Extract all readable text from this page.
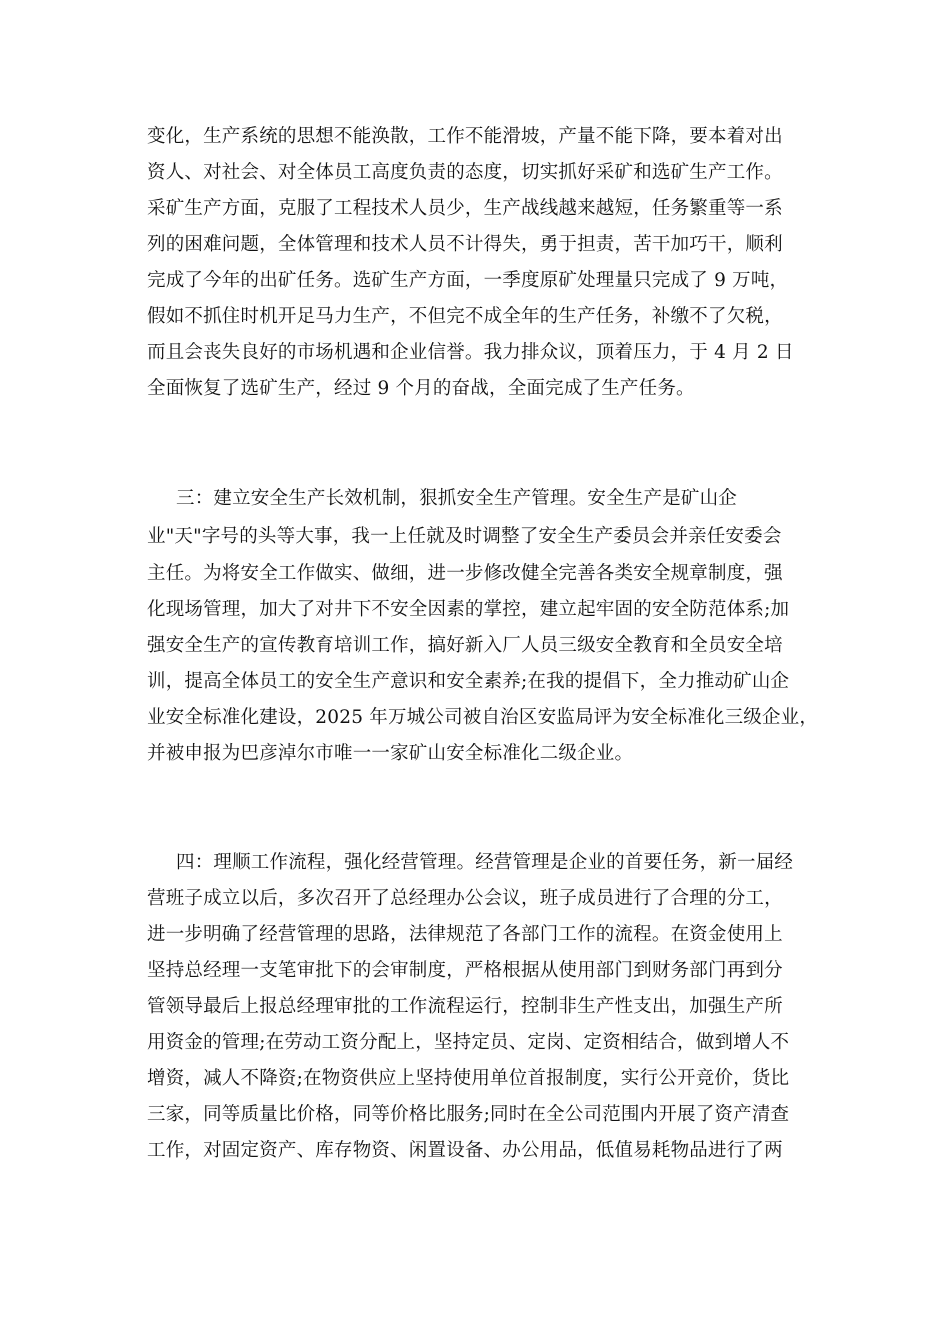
变化，生产系统的思想不能涣散，工作不能滑坡，产量不能下降，要本着对出
资人、对社会、对全体员工高度负责的态度，切实抓好采矿和选矿生产工作。
采矿生产方面，克服了工程技术人员少，生产战线越来越短，任务繁重等一系
列的困难问题，全体管理和技术人员不计得失，勇于担责，苦干加巧干，顺利
完成了今年的出矿任务。选矿生产方面，一季度原矿处理量只完成了 9 万吨，
假如不抓住时机开足马力生产，不但完不成全年的生产任务，补缴不了欠税，
而且会丧失良好的市场机遇和企业信誉。我力排众议，顶着压力，于 4 月 2 日
全面恢复了选矿生产，经过 9 个月的奋战，全面完成了生产任务。
三：建立安全生产长效机制，狠抓安全生产管理。安全生产是矿山企
业"天"字号的头等大事，我一上任就及时调整了安全生产委员会并亲任安委会
主任。为将安全工作做实、做细，进一步修改健全完善各类安全规章制度，强
化现场管理，加大了对井下不安全因素的掌控，建立起牢固的安全防范体系;加
强安全生产的宣传教育培训工作，搞好新入厂人员三级安全教育和全员安全培
训，提高全体员工的安全生产意识和安全素养;在我的提倡下，全力推动矿山企
业安全标准化建设，2025 年万城公司被自治区安监局评为安全标准化三级企业，
并被申报为巴彦淖尔市唯一一家矿山安全标准化二级企业。
四：理顺工作流程，强化经营管理。经营管理是企业的首要任务，新一届经
营班子成立以后，多次召开了总经理办公会议，班子成员进行了合理的分工，
进一步明确了经营管理的思路，法律规范了各部门工作的流程。在资金使用上
坚持总经理一支笔审批下的会审制度，严格根据从使用部门到财务部门再到分
管领导最后上报总经理审批的工作流程运行，控制非生产性支出，加强生产所
用资金的管理;在劳动工资分配上，坚持定员、定岗、定资相结合，做到增人不
增资，减人不降资;在物资供应上坚持使用单位首报制度，实行公开竞价，货比
三家，同等质量比价格，同等价格比服务;同时在全公司范围内开展了资产清查
工作，对固定资产、库存物资、闲置设备、办公用品，低值易耗物品进行了两
